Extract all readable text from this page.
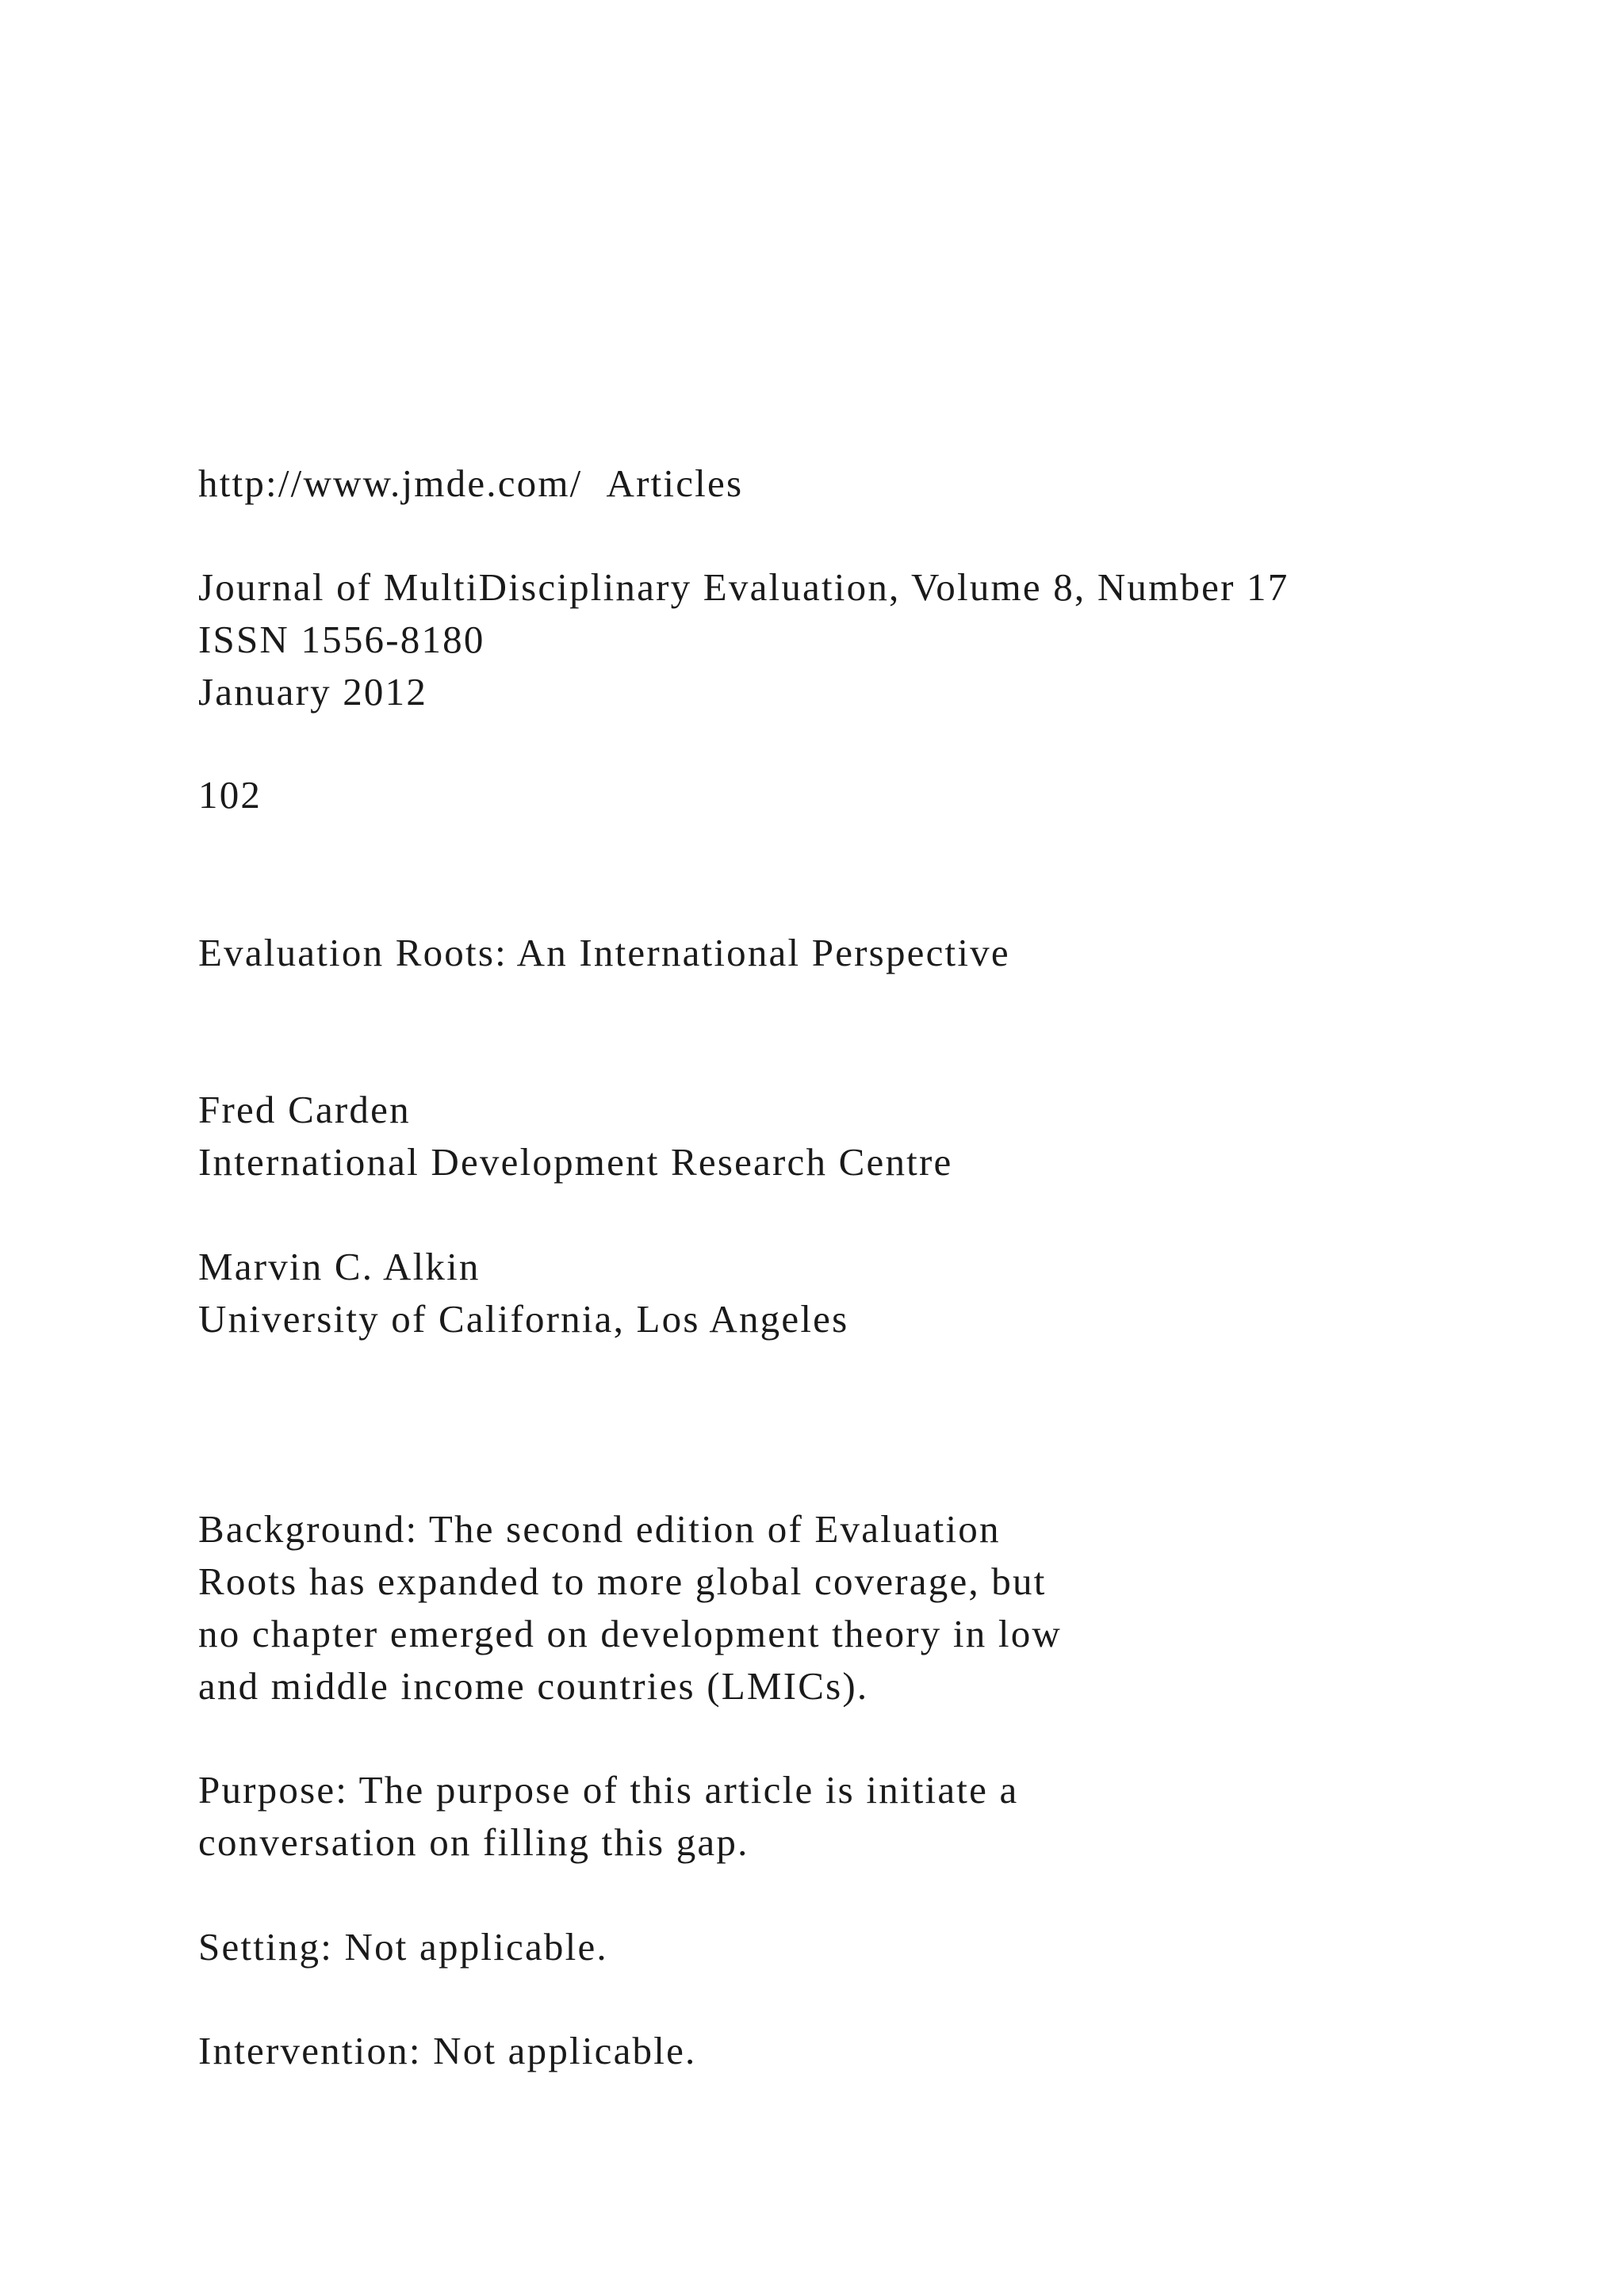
http://www.jmde.com/ Articles
Journal of MultiDisciplinary Evaluation, Volume 8, Number 17
ISSN 1556-8180
January 2012
102
Evaluation Roots: An International Perspective
Fred Carden
International Development Research Centre
Marvin C. Alkin
University of California, Los Angeles
Background: The second edition of Evaluation
Roots has expanded to more global coverage, but
no chapter emerged on development theory in low
and middle income countries (LMICs).
Purpose: The purpose of this article is initiate a
conversation on filling this gap.
Setting: Not applicable.
Intervention: Not applicable.
